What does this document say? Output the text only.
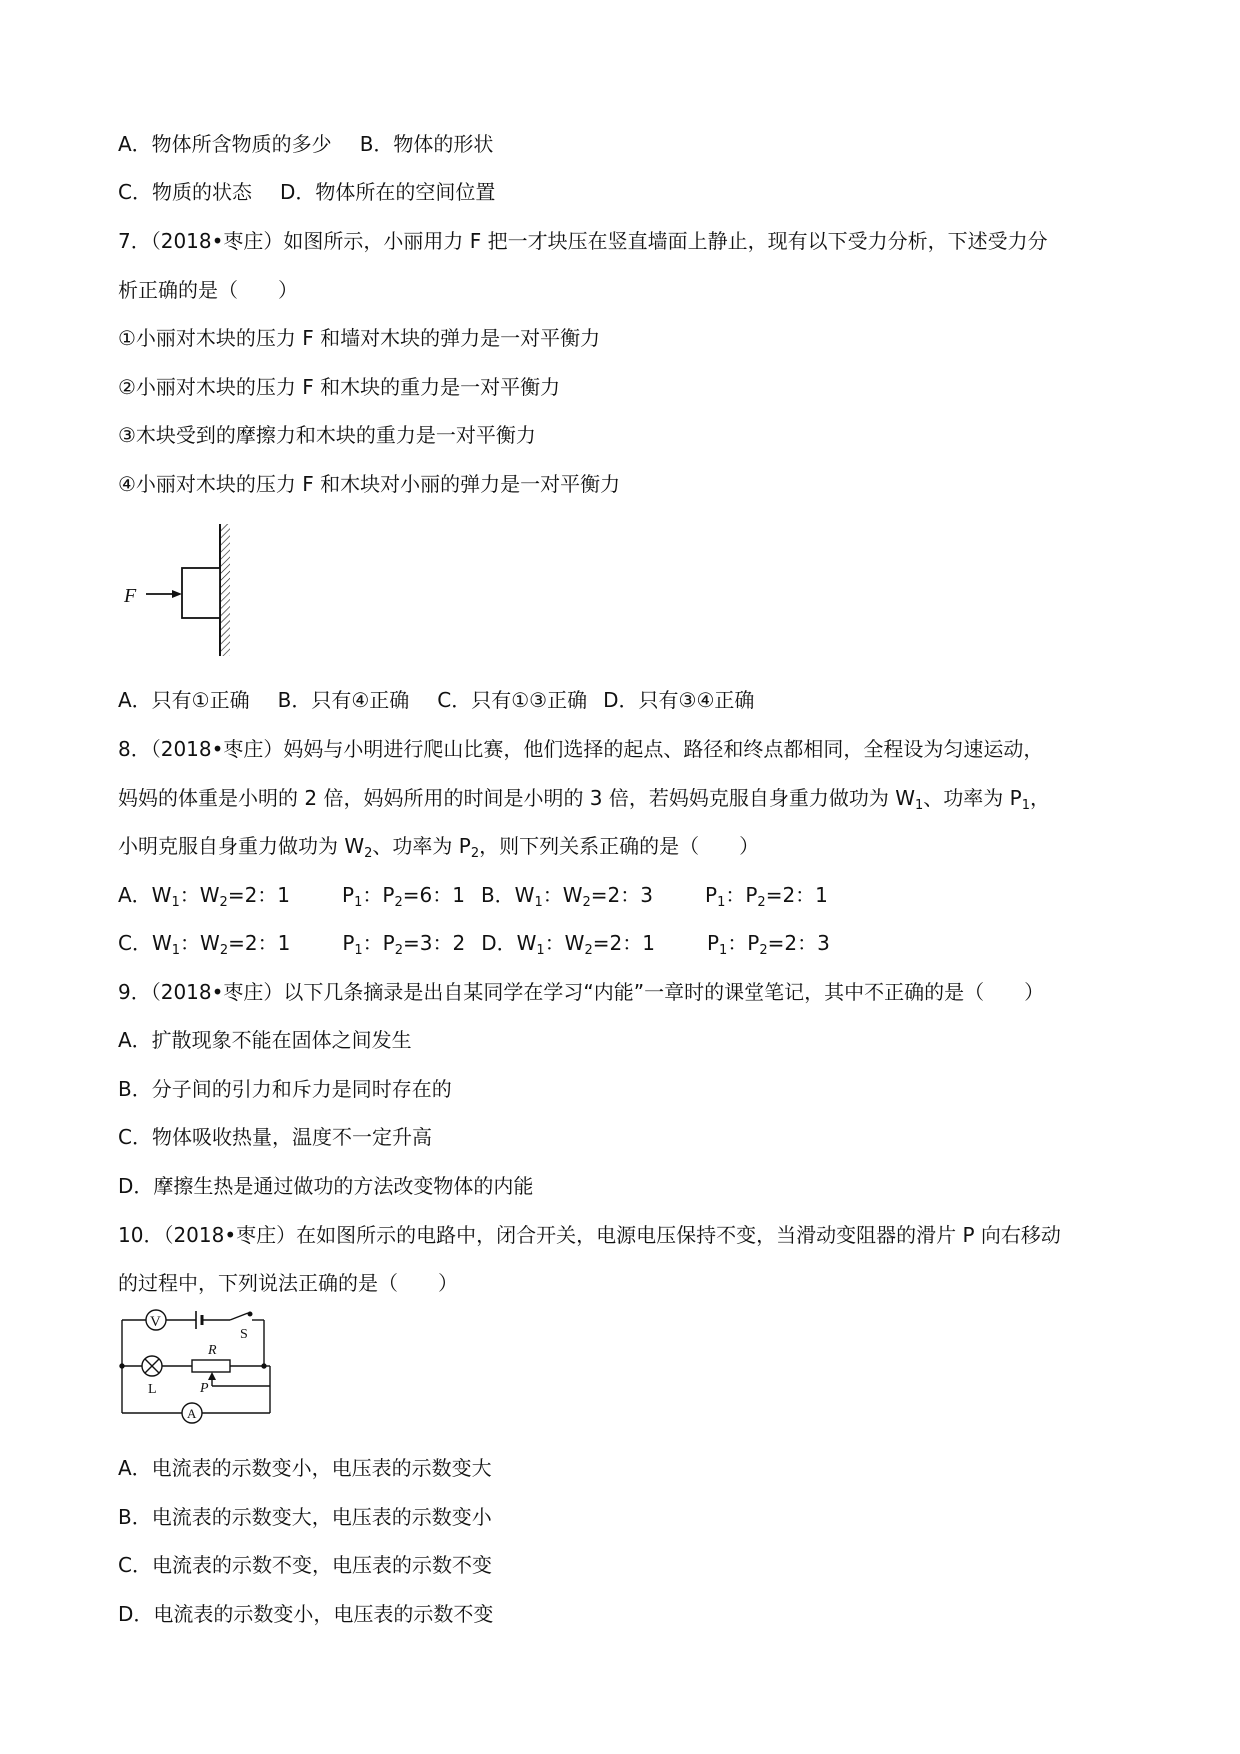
A．物体所含物质的多少 B．物体的形状
C．物质的状态 D．物体所在的空间位置
7．（2018•枣庄）如图所示，小丽用力 F 把一才块压在竖直墙面上静止，现有以下受力分析，下述受力分
析正确的是（　　）
①小丽对木块的压力 F 和墙对木块的弹力是一对平衡力
②小丽对木块的压力 F 和木块的重力是一对平衡力
③木块受到的摩擦力和木块的重力是一对平衡力
④小丽对木块的压力 F 和木块对小丽的弹力是一对平衡力
F
A．只有①正确 B．只有④正确 C．只有①③正确 D．只有③④正确
8．（2018•枣庄）妈妈与小明进行爬山比赛，他们选择的起点、路径和终点都相同，全程设为匀速运动，
妈妈的体重是小明的 2 倍，妈妈所用的时间是小明的 3 倍，若妈妈克服自身重力做功为 $W_1$、功率为 $P_1$，
小明克服自身重力做功为 $W_2$、功率为 $P_2$，则下列关系正确的是（　　）
A．$W_1$：$W_2=2$：1	$P_1$：$P_2=6$：1 B．$W_1$：$W_2=2$：3	$P_1$：$P_2=2$：1
C．$W_1$：$W_2=2$：1	$P_1$：$P_2=3$：2 D．$W_1$：$W_2=2$：1	$P_1$：$P_2=2$：3
9．（2018•枣庄）以下几条摘录是出自某同学在学习“内能”一章时的课堂笔记，其中不正确的是（　　）
A．扩散现象不能在固体之间发生
B．分子间的引力和斥力是同时存在的
C．物体吸收热量，温度不一定升高
D．摩擦生热是通过做功的方法改变物体的内能
10．（2018•枣庄）在如图所示的电路中，闭合开关，电源电压保持不变，当滑动变阻器的滑片 P 向右移动
的过程中，下列说法正确的是（　　）
V
S
L
R
P
A
A．电流表的示数变小，电压表的示数变大
B．电流表的示数变大，电压表的示数变小
C．电流表的示数不变，电压表的示数不变
D．电流表的示数变小，电压表的示数不变
